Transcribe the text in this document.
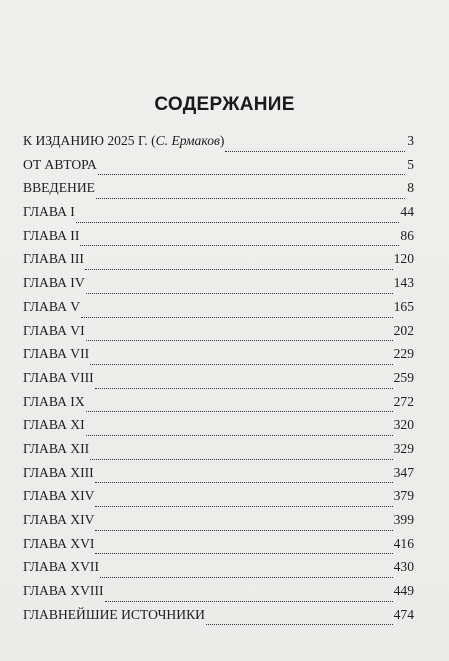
СОДЕРЖАНИЕ
К ИЗДАНИЮ 2025 Г. (С. Ермаков)	3
ОТ АВТОРА	5
ВВЕДЕНИЕ	8
ГЛАВА I	44
ГЛАВА II	86
ГЛАВА III	120
ГЛАВА IV	143
ГЛАВА V	165
ГЛАВА VI	202
ГЛАВА VII	229
ГЛАВА VIII	259
ГЛАВА IX	272
ГЛАВА XI	320
ГЛАВА XII	329
ГЛАВА XIII	347
ГЛАВА XIV	379
ГЛАВА XIV	399
ГЛАВА XVI	416
ГЛАВА XVII	430
ГЛАВА XVIII	449
ГЛАВНЕЙШИЕ ИСТОЧНИКИ	474
